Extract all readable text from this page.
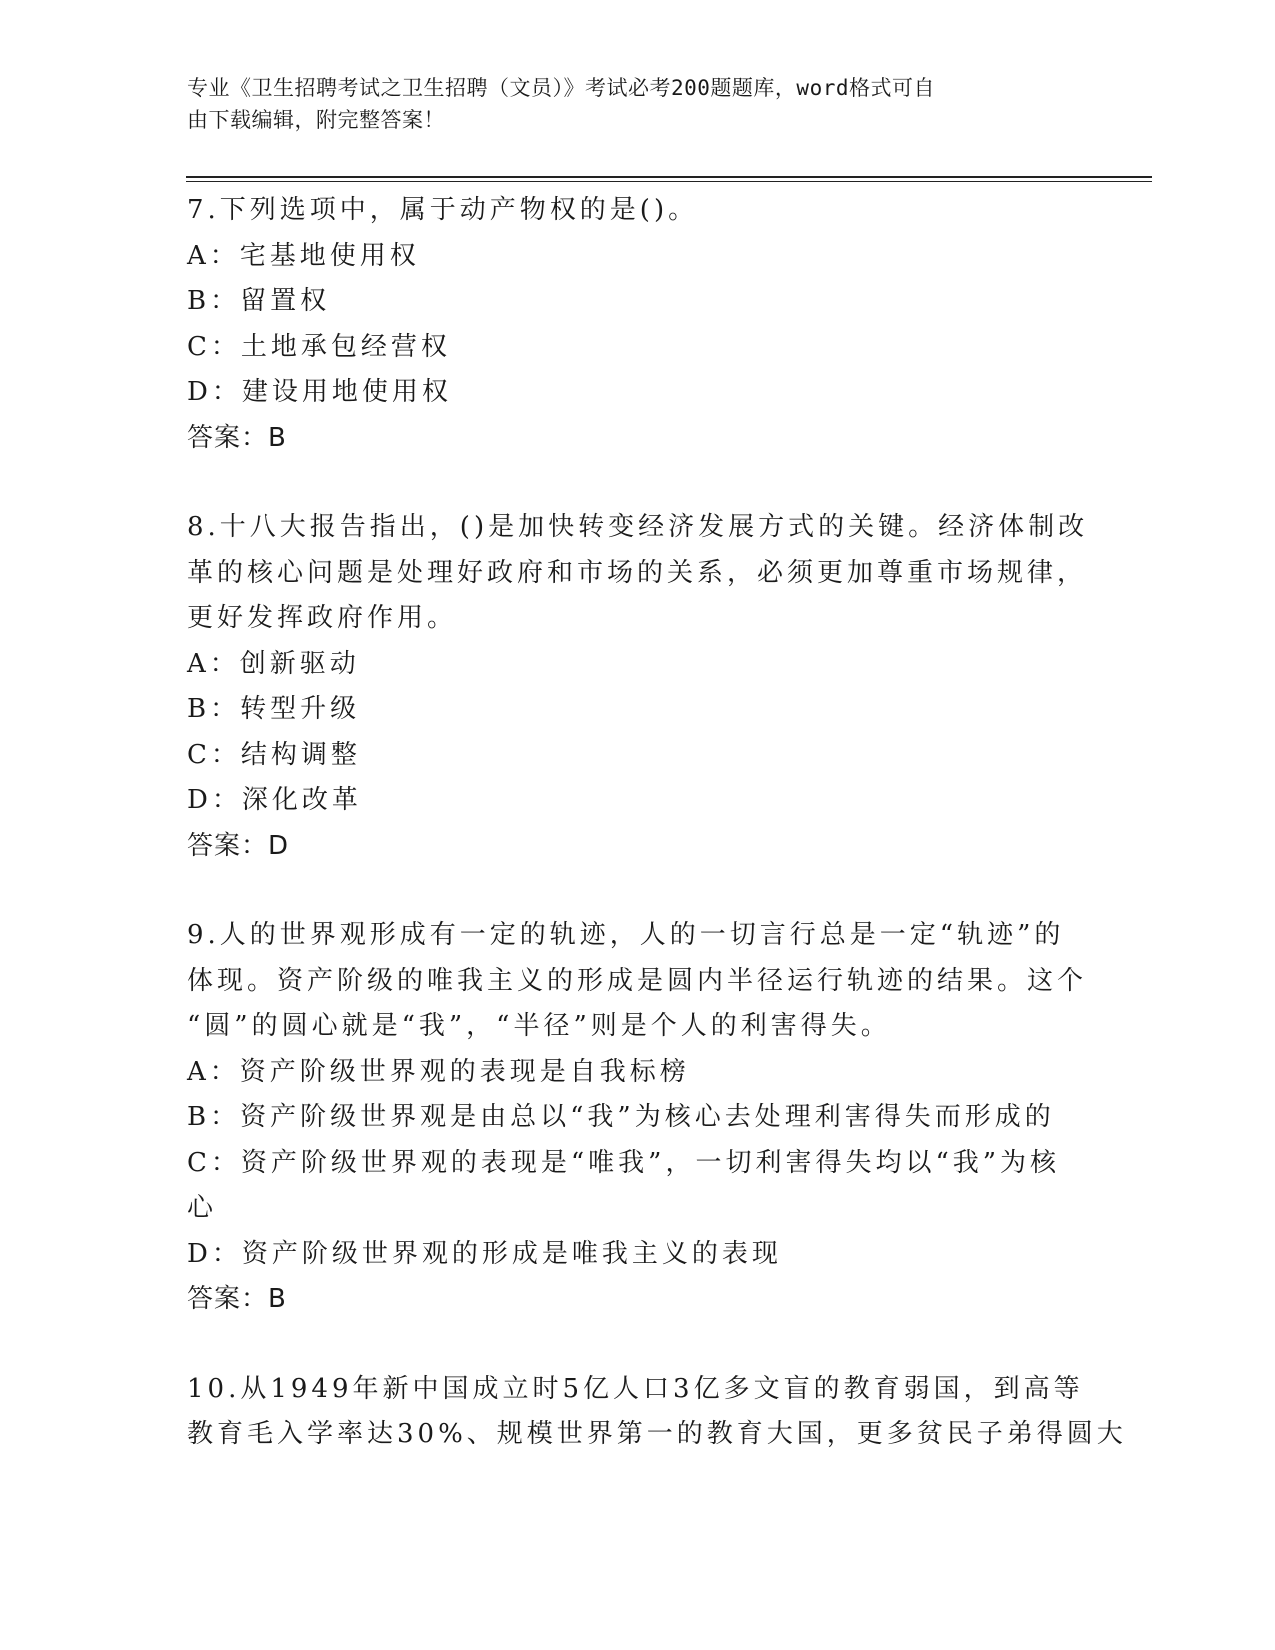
专业《卫生招聘考试之卫生招聘（文员）》考试必考200题题库，word格式可自
由下载编辑，附完整答案！
7.下列选项中，属于动产物权的是()。
A：宅基地使用权
B：留置权
C：土地承包经营权
D：建设用地使用权
答案：B
8.十八大报告指出，()是加快转变经济发展方式的关键。经济体制改
革的核心问题是处理好政府和市场的关系，必须更加尊重市场规律，
更好发挥政府作用。
A：创新驱动
B：转型升级
C：结构调整
D：深化改革
答案：D
9.人的世界观形成有一定的轨迹，人的一切言行总是一定“轨迹”的
体现。资产阶级的唯我主义的形成是圆内半径运行轨迹的结果。这个
“圆”的圆心就是“我”，“半径”则是个人的利害得失。
A：资产阶级世界观的表现是自我标榜
B：资产阶级世界观是由总以“我”为核心去处理利害得失而形成的
C：资产阶级世界观的表现是“唯我”，一切利害得失均以“我”为核
心
D：资产阶级世界观的形成是唯我主义的表现
答案：B
10.从1949年新中国成立时5亿人口3亿多文盲的教育弱国，到高等
教育毛入学率达30%、规模世界第一的教育大国，更多贫民子弟得圆大
